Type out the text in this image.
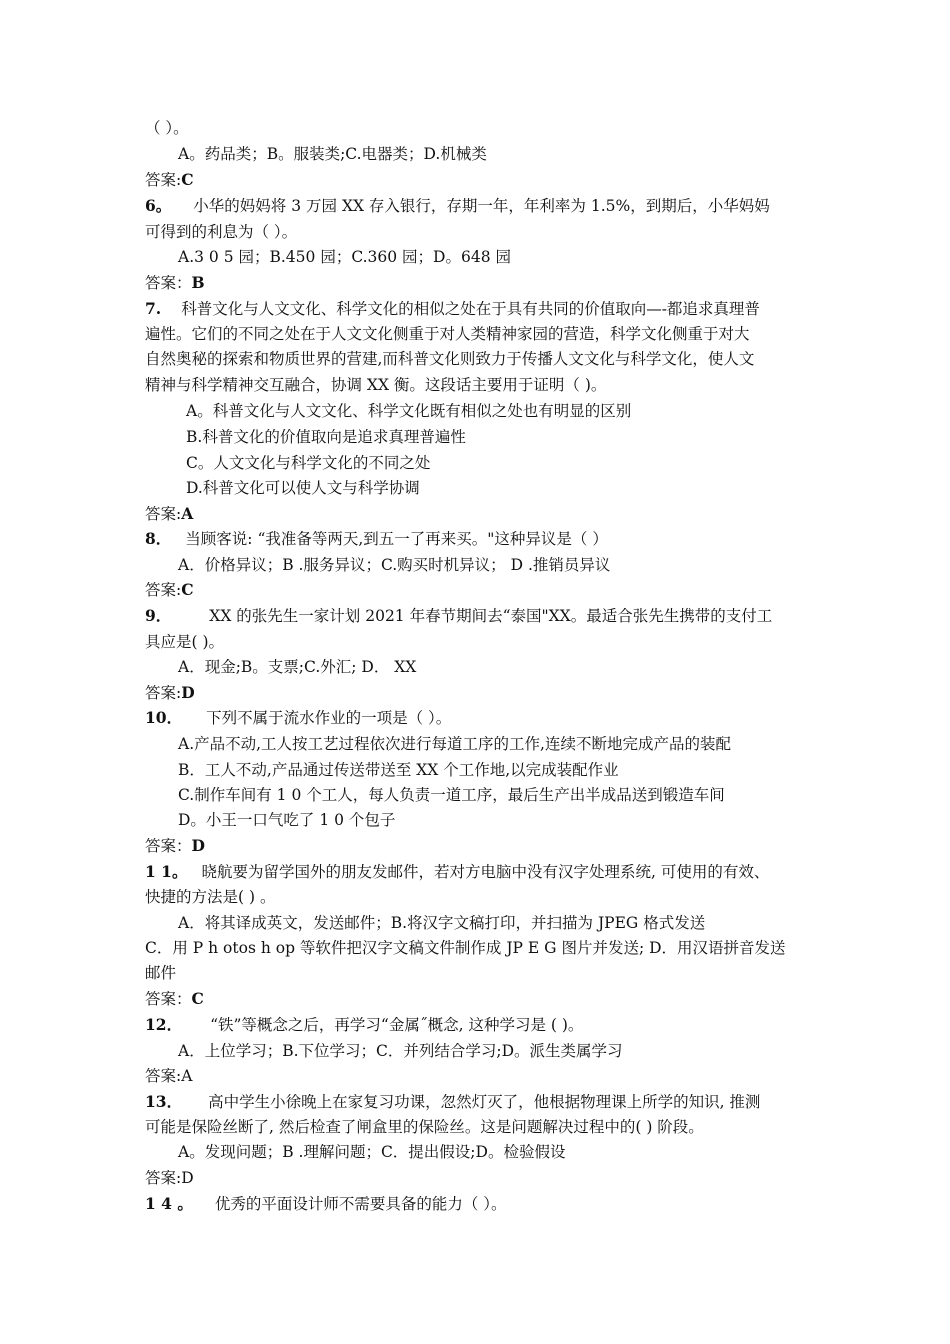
（ ）。
A。药品类；B。服装类;C.电器类；D.机械类
答案:C
6。 小华的妈妈将 3 万园 XX 存入银行，存期一年，年利率为 1.5%，到期后，小华妈妈
可得到的利息为（ ）。
A.3 0 5 园；B.450 园；C.360 园；D。648 园
答案：B
7. 科普文化与人文文化、科学文化的相似之处在于具有共同的价值取向—-都追求真理普
遍性。它们的不同之处在于人文文化侧重于对人类精神家园的营造，科学文化侧重于对大
自然奥秘的探索和物质世界的营建,而科普文化则致力于传播人文文化与科学文化，使人文
精神与科学精神交互融合，协调 XX 衡。这段话主要用于证明（ )。
A。科普文化与人文文化、科学文化既有相似之处也有明显的区别
B.科普文化的价值取向是追求真理普遍性
C。人文文化与科学文化的不同之处
D.科普文化可以使人文与科学协调
答案:A
8． 当顾客说: “我准备等两天,到五一了再来买。"这种异议是（ ）
A．价格异议；B .服务异议；C.购买时机异议； D .推销员异议
答案:C
9． XX 的张先生一家计划 2021 年春节期间去“泰国"XX。最适合张先生携带的支付工
具应是( )。
A．现金;B。支票;C.外汇; D． XX
答案:D
10． 下列不属于流水作业的一项是（ ）。
A.产品不动,工人按工艺过程依次进行每道工序的工作,连续不断地完成产品的装配
B．工人不动,产品通过传送带送至 XX 个工作地,以完成装配作业
C.制作车间有 1 0 个工人，每人负责一道工序，最后生产出半成品送到锻造车间
D。小王一口气吃了 1 0 个包子
答案：D
1 1。 晓航要为留学国外的朋友发邮件，若对方电脑中没有汉字处理系统, 可使用的有效、
快捷的方法是( ) 。
A．将其译成英文，发送邮件；B.将汉字文稿打印，并扫描为 JPEG 格式发送
C．用 P h otos h op 等软件把汉字文稿文件制作成 JP E G 图片并发送; D．用汉语拼音发送
邮件
答案：C
12． “铁”等概念之后，再学习“金属˝概念, 这种学习是 ( )。
A．上位学习；B.下位学习；C．并列结合学习;D。派生类属学习
答案:A
13． 高中学生小徐晚上在家复习功课，忽然灯灭了，他根据物理课上所学的知识, 推测
可能是保险丝断了, 然后检查了闸盒里的保险丝。这是问题解决过程中的( ) 阶段。
A。发现问题；B .理解问题；C．提出假设;D。检验假设
答案:D
1 4 。 优秀的平面设计师不需要具备的能力（ ）。
